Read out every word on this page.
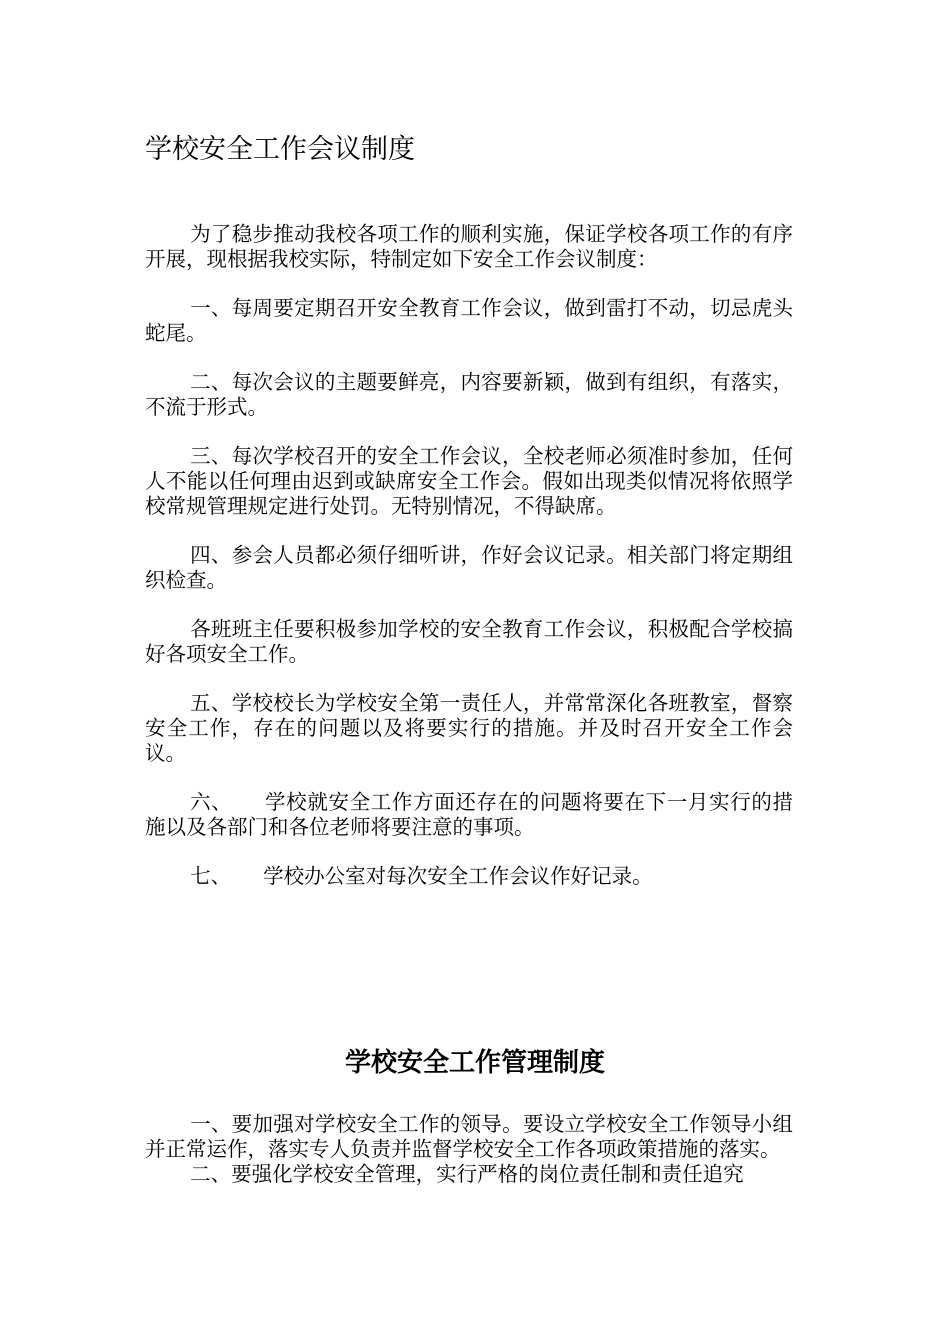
学校安全工作会议制度

为了稳步推动我校各项工作的顺利实施，保证学校各项工作的有序开展，现根据我校实际，特制定如下安全工作会议制度：

一、每周要定期召开安全教育工作会议，做到雷打不动，切忌虎头蛇尾。

二、每次会议的主题要鲜亮，内容要新颖，做到有组织，有落实，不流于形式。

三、每次学校召开的安全工作会议，全校老师必须准时参加，任何人不能以任何理由迟到或缺席安全工作会。假如出现类似情况将依照学校常规管理规定进行处罚。无特别情况，不得缺席。

四、参会人员都必须仔细听讲，作好会议记录。相关部门将定期组织检查。

各班班主任要积极参加学校的安全教育工作会议，积极配合学校搞好各项安全工作。

五、学校校长为学校安全第一责任人，并常常深化各班教室，督察安全工作，存在的问题以及将要实行的措施。并及时召开安全工作会议。

六、 学校就安全工作方面还存在的问题将要在下一月实行的措施以及各部门和各位老师将要注意的事项。

七、 学校办公室对每次安全工作会议作好记录。

学校安全工作管理制度

一、要加强对学校安全工作的领导。要设立学校安全工作领导小组并正常运作，落实专人负责并监督学校安全工作各项政策措施的落实。

二、要强化学校安全管理，实行严格的岗位责任制和责任追究
